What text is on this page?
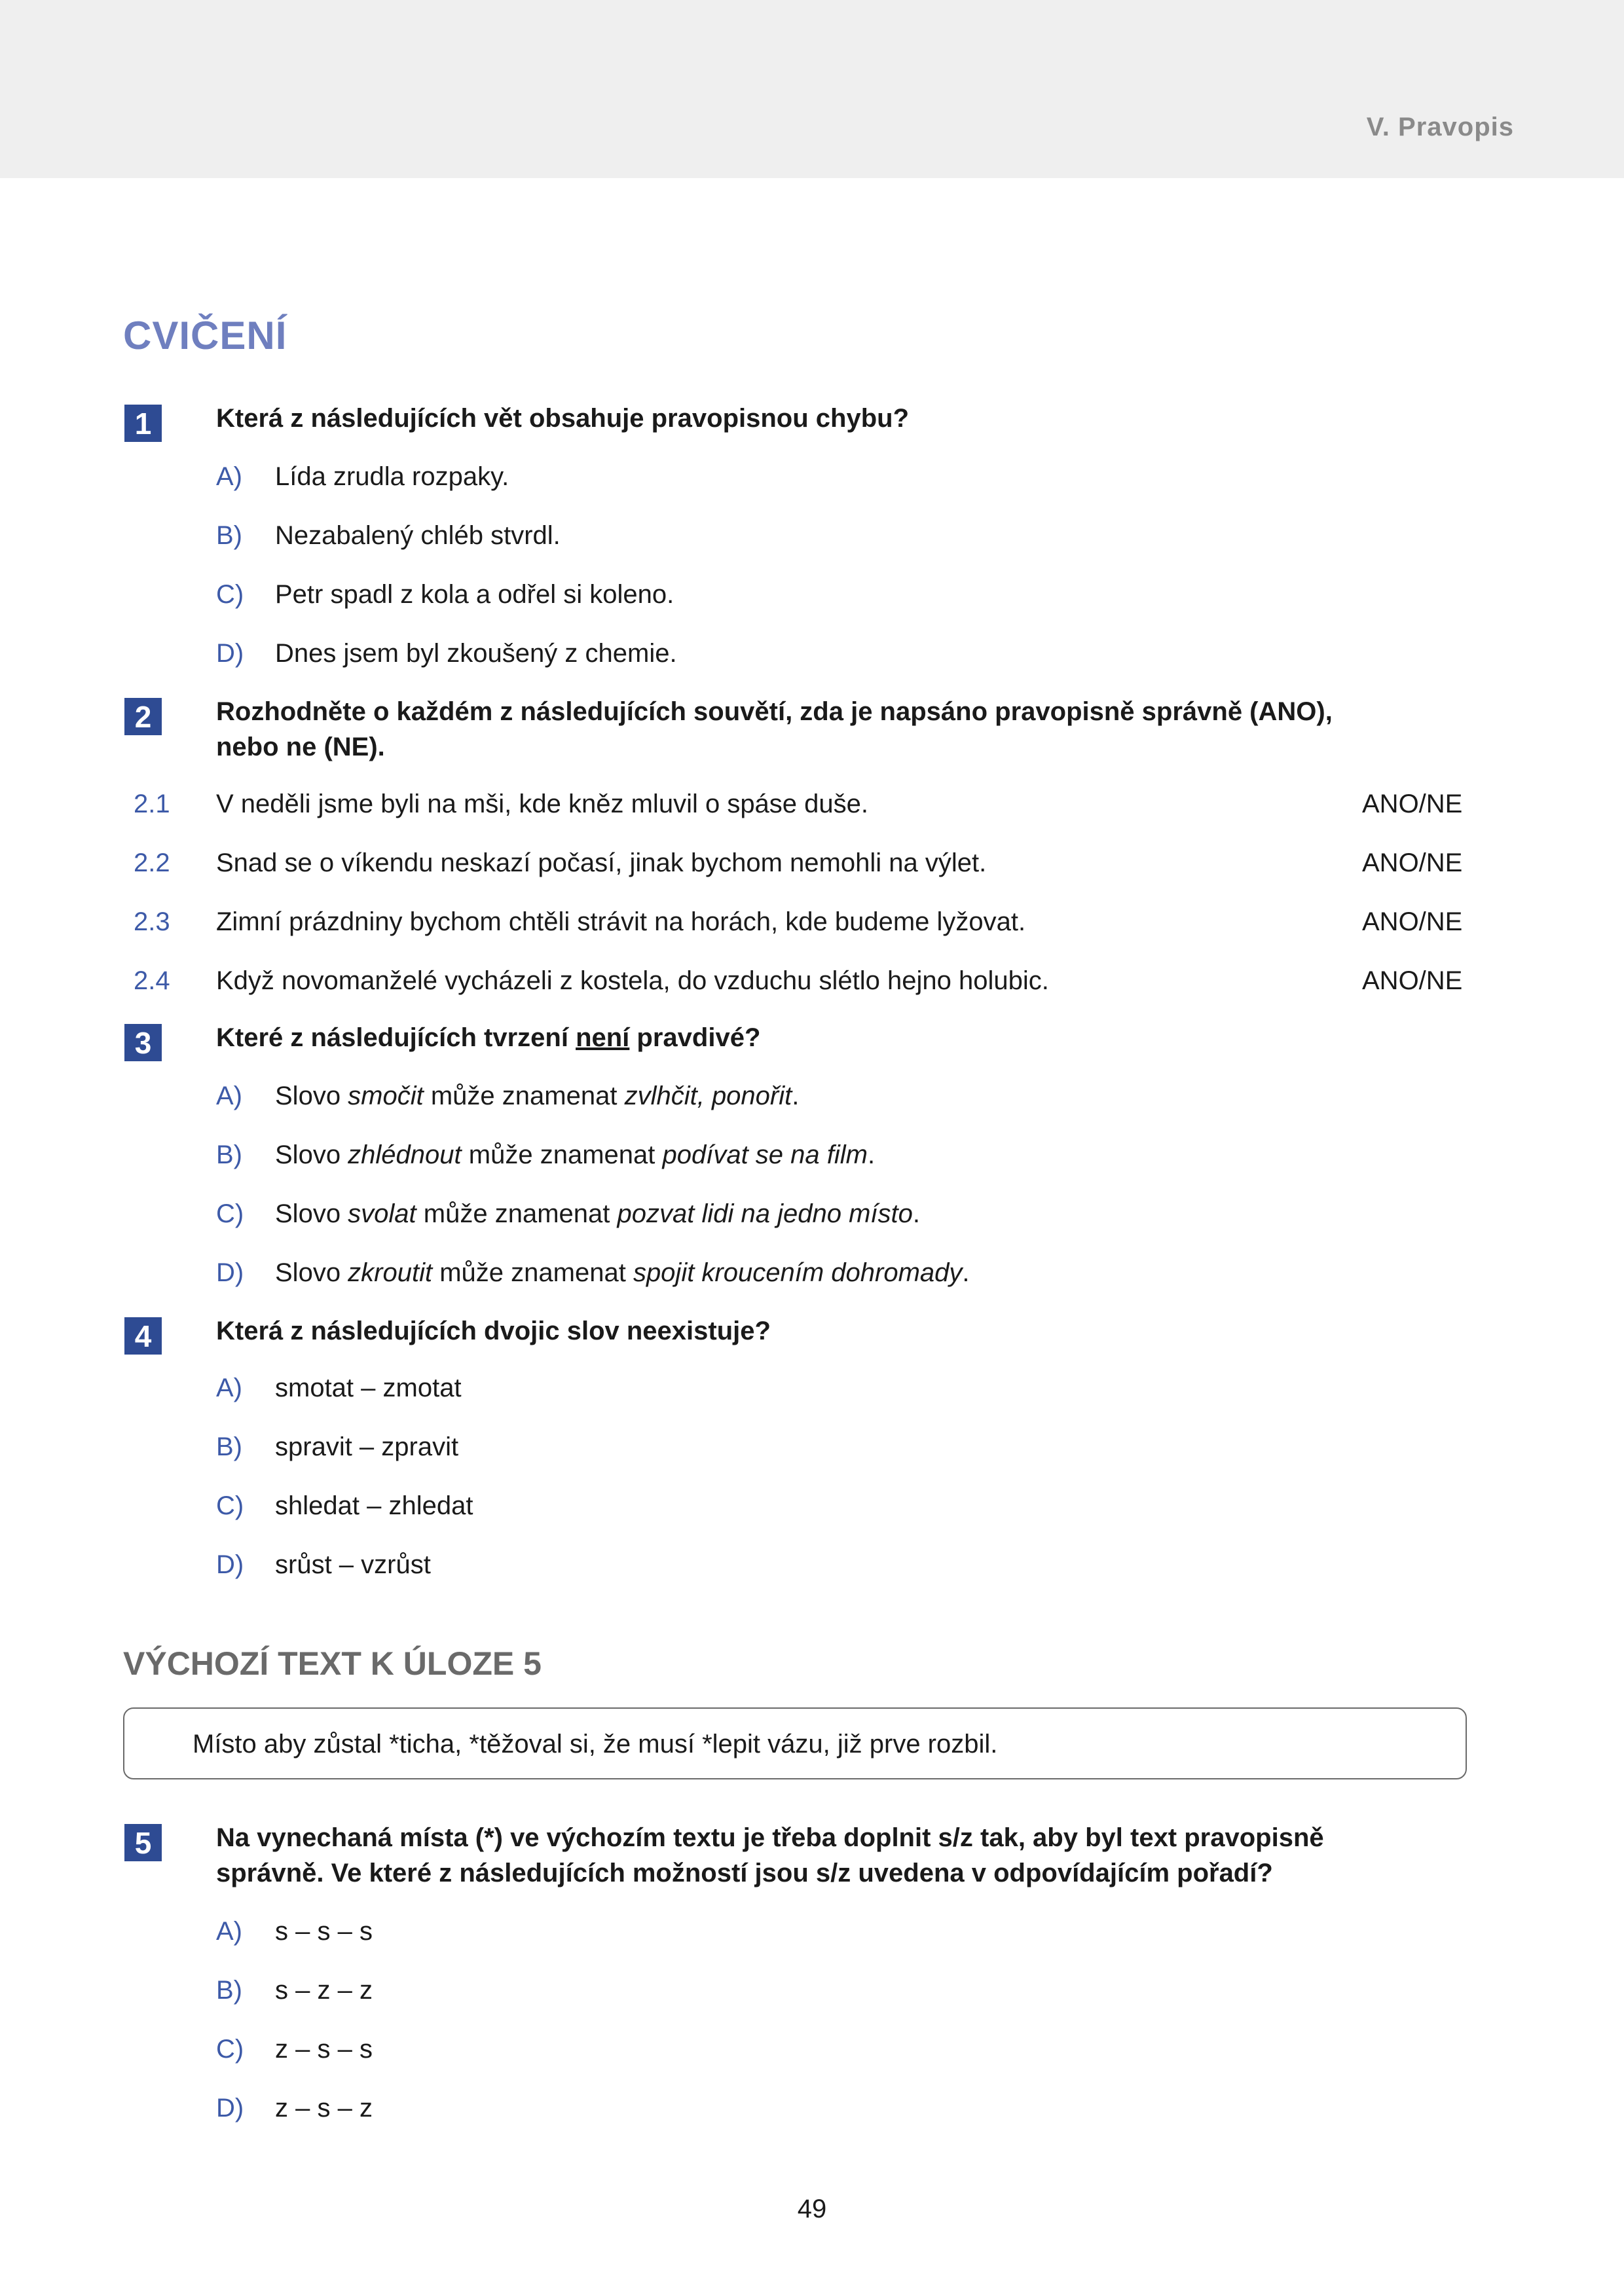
V. Pravopis
CVIČENÍ
1	Která z následujících vět obsahuje pravopisnou chybu?
A) Lída zrudla rozpaky.
B) Nezabalený chléb stvrdl.
C) Petr spadl z kola a odřel si koleno.
D) Dnes jsem byl zkoušený z chemie.
2	Rozhodněte o každém z následujících souvětí, zda je napsáno pravopisně správně (ANO),
nebo ne (NE).
2.1 V neděli jsme byli na mši, kde kněz mluvil o spáse duše.	ANO/NE
2.2 Snad se o víkendu neskazí počasí, jinak bychom nemohli na výlet.	ANO/NE
2.3 Zimní prázdniny bychom chtěli strávit na horách, kde budeme lyžovat.	ANO/NE
2.4 Když novomanželé vycházeli z kostela, do vzduchu slétlo hejno holubic.	ANO/NE
3	Které z následujících tvrzení není pravdivé?
A) Slovo smočit může znamenat zvlhčit, ponořit.
B) Slovo zhlédnout může znamenat podívat se na film.
C) Slovo svolat může znamenat pozvat lidi na jedno místo.
D) Slovo zkroutit může znamenat spojit kroucením dohromady.
4	Která z následujících dvojic slov neexistuje?
A) smotat – zmotat
B) spravit – zpravit
C) shledat – zhledat
D) srůst – vzrůst
VÝCHOZÍ TEXT K ÚLOZE 5
Místo aby zůstal *ticha, *těžoval si, že musí *lepit vázu, již prve rozbil.
5	Na vynechaná místa (*) ve výchozím textu je třeba doplnit s/z tak, aby byl text pravopisně
správně. Ve které z následujících možností jsou s/z uvedena v odpovídajícím pořadí?
A) s – s – s
B) s – z – z
C) z – s – s
D) z – s – z
49
